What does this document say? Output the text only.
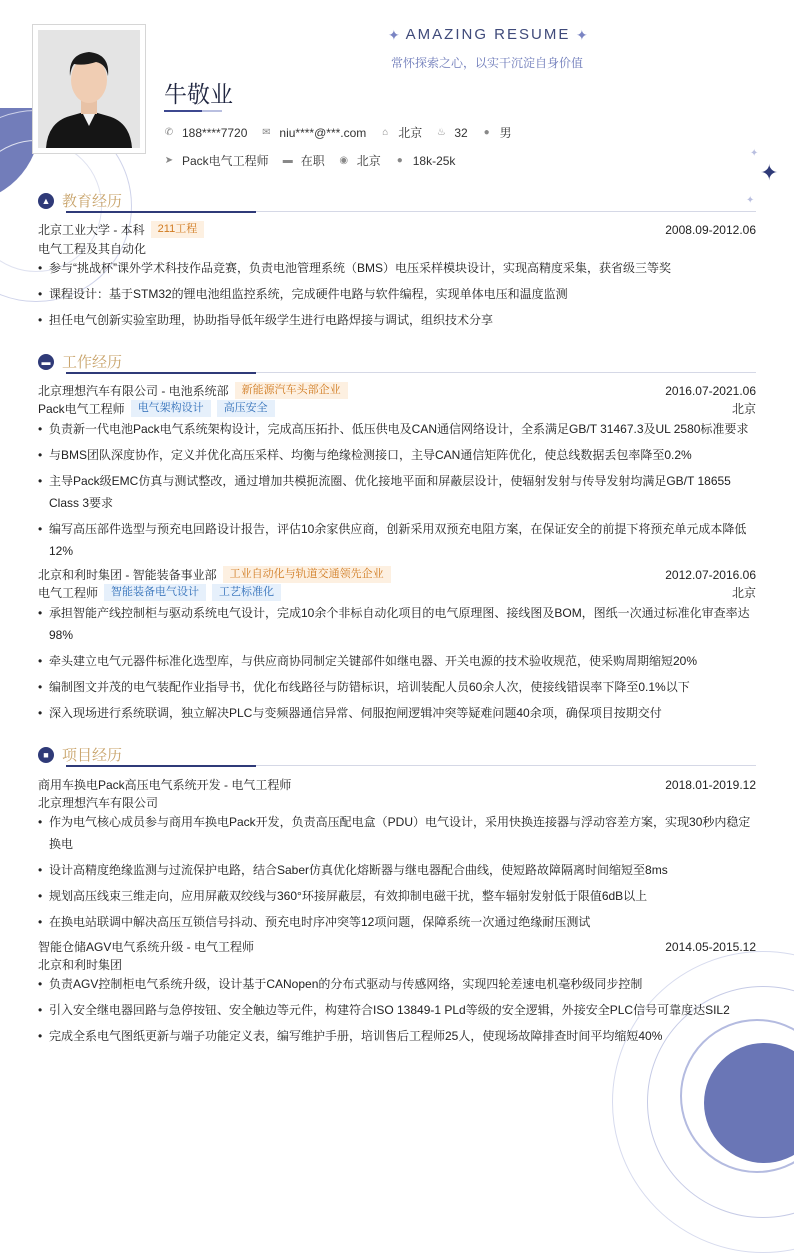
✦ AMAZING RESUME ✦
常怀探索之心，以实干沉淀自身价值
牛敬业
✦
✦
✦
✆ 188****7720 ✉ niu****@***.com ⌂ 北京 ♨ 32 ● 男
➤ Pack电气工程师 ▬ 在职 ◉ 北京 ● 18k-25k
▲ 教育经历
北京工业大学 - 本科	211工程	2008.09-2012.06
电气工程及其自动化
• 参与“挑战杯”课外学术科技作品竞赛，负责电池管理系统（BMS）电压采样模块设计，实现高精度采集，获省级三等奖
• 课程设计：基于STM32的锂电池组监控系统，完成硬件电路与软件编程，实现单体电压和温度监测
• 担任电气创新实验室助理，协助指导低年级学生进行电路焊接与调试，组织技术分享
▬ 工作经历
北京理想汽车有限公司 - 电池系统部	新能源汽车头部企业	2016.07-2021.06
Pack电气工程师	电气架构设计	高压安全	北京
• 负责新一代电池Pack电气系统架构设计，完成高压拓扑、低压供电及CAN通信网络设计，全系满足GB/T 31467.3及UL 2580标准要求
• 与BMS团队深度协作，定义并优化高压采样、均衡与绝缘检测接口，主导CAN通信矩阵优化，使总线数据丢包率降至0.2%
• 主导Pack级EMC仿真与测试整改，通过增加共模扼流圈、优化接地平面和屏蔽层设计，使辐射发射与传导发射均满足GB/T 18655 Class 3要求
• 编写高压部件选型与预充电回路设计报告，评估10余家供应商，创新采用双预充电阻方案，在保证安全的前提下将预充单元成本降低12%
北京和利时集团 - 智能装备事业部	工业自动化与轨道交通领先企业	2012.07-2016.06
电气工程师	智能装备电气设计	工艺标准化	北京
• 承担智能产线控制柜与驱动系统电气设计，完成10余个非标自动化项目的电气原理图、接线图及BOM，图纸一次通过标准化审查率达98%
• 牵头建立电气元器件标准化选型库，与供应商协同制定关键部件如继电器、开关电源的技术验收规范，使采购周期缩短20%
• 编制图文并茂的电气装配作业指导书，优化布线路径与防错标识，培训装配人员60余人次，使接线错误率下降至0.1%以下
• 深入现场进行系统联调，独立解决PLC与变频器通信异常、伺服抱闸逻辑冲突等疑难问题40余项，确保项目按期交付
■ 项目经历
商用车换电Pack高压电气系统开发 - 电气工程师	2018.01-2019.12
北京理想汽车有限公司
• 作为电气核心成员参与商用车换电Pack开发，负责高压配电盒（PDU）电气设计，采用快换连接器与浮动容差方案，实现30秒内稳定换电
• 设计高精度绝缘监测与过流保护电路，结合Saber仿真优化熔断器与继电器配合曲线，使短路故障隔离时间缩短至8ms
• 规划高压线束三维走向，应用屏蔽双绞线与360°环接屏蔽层，有效抑制电磁干扰，整车辐射发射低于限值6dB以上
• 在换电站联调中解决高压互锁信号抖动、预充电时序冲突等12项问题，保障系统一次通过绝缘耐压测试
智能仓储AGV电气系统升级 - 电气工程师	2014.05-2015.12
北京和利时集团
• 负责AGV控制柜电气系统升级，设计基于CANopen的分布式驱动与传感网络，实现四轮差速电机毫秒级同步控制
• 引入安全继电器回路与急停按钮、安全触边等元件，构建符合ISO 13849-1 PLd等级的安全逻辑，外接安全PLC信号可靠度达SIL2
• 完成全系电气图纸更新与端子功能定义表，编写维护手册，培训售后工程师25人，使现场故障排查时间平均缩短40%
